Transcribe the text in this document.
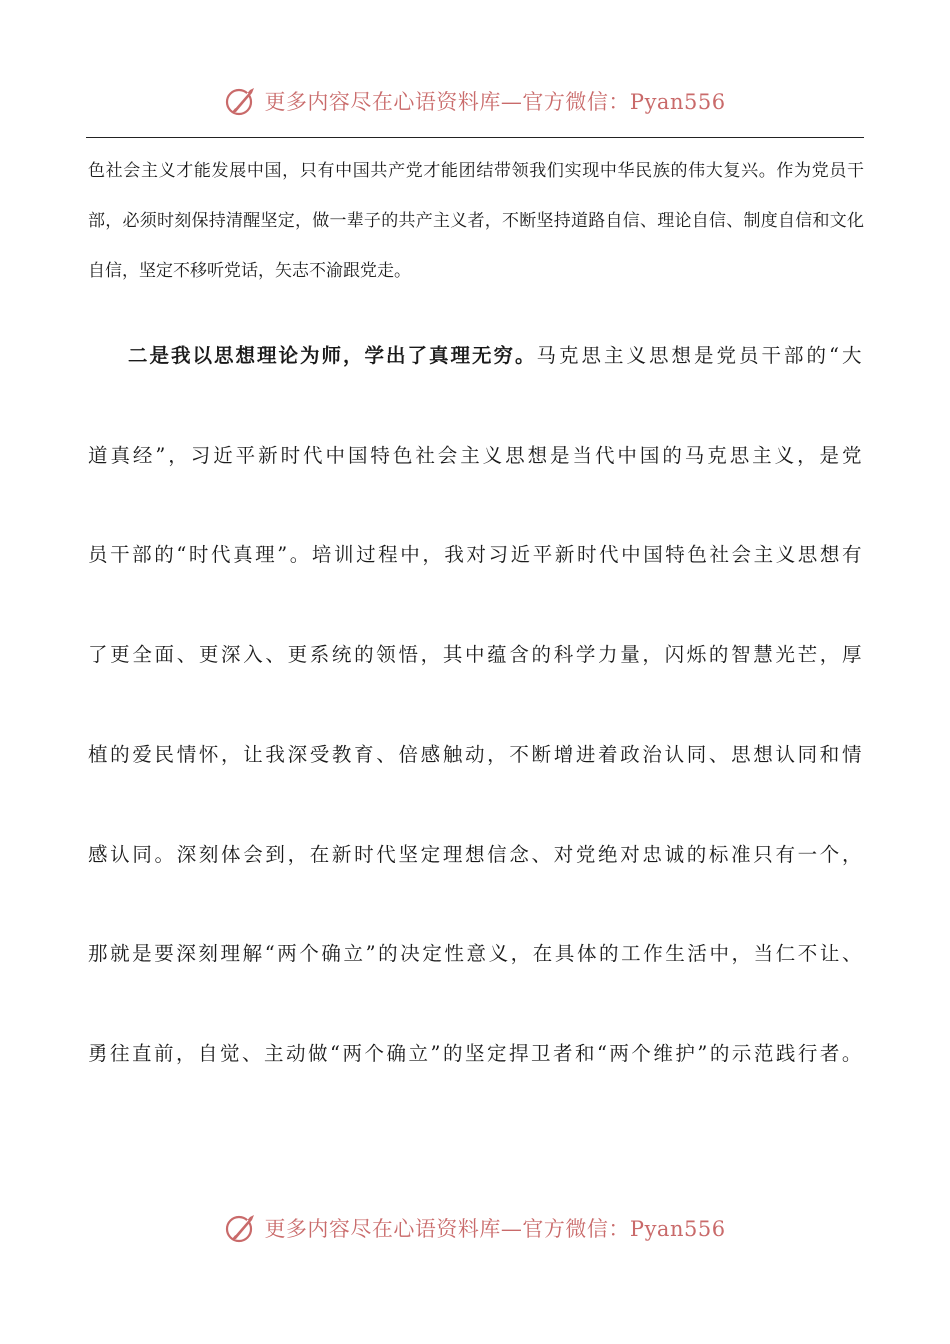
更多内容尽在心语资料库—官方微信：Pyan556
色社会主义才能发展中国，只有中国共产党才能团结带领我们实现中华民族的伟大复兴。作为党员干部，必须时刻保持清醒坚定，做一辈子的共产主义者，不断坚持道路自信、理论自信、制度自信和文化自信，坚定不移听党话，矢志不渝跟党走。

二是我以思想理论为师，学出了真理无穷。马克思主义思想是党员干部的“大道真经”，习近平新时代中国特色社会主义思想是当代中国的马克思主义，是党员干部的“时代真理”。培训过程中，我对习近平新时代中国特色社会主义思想有了更全面、更深入、更系统的领悟，其中蕴含的科学力量，闪烁的智慧光芒，厚植的爱民情怀，让我深受教育、倍感触动，不断增进着政治认同、思想认同和情感认同。深刻体会到，在新时代坚定理想信念、对党绝对忠诚的标准只有一个，那就是要深刻理解“两个确立”的决定性意义，在具体的工作生活中，当仁不让、勇往直前，自觉、主动做“两个确立”的坚定捍卫者和“两个维护”的示范践行者。

更多内容尽在心语资料库—官方微信：Pyan556
